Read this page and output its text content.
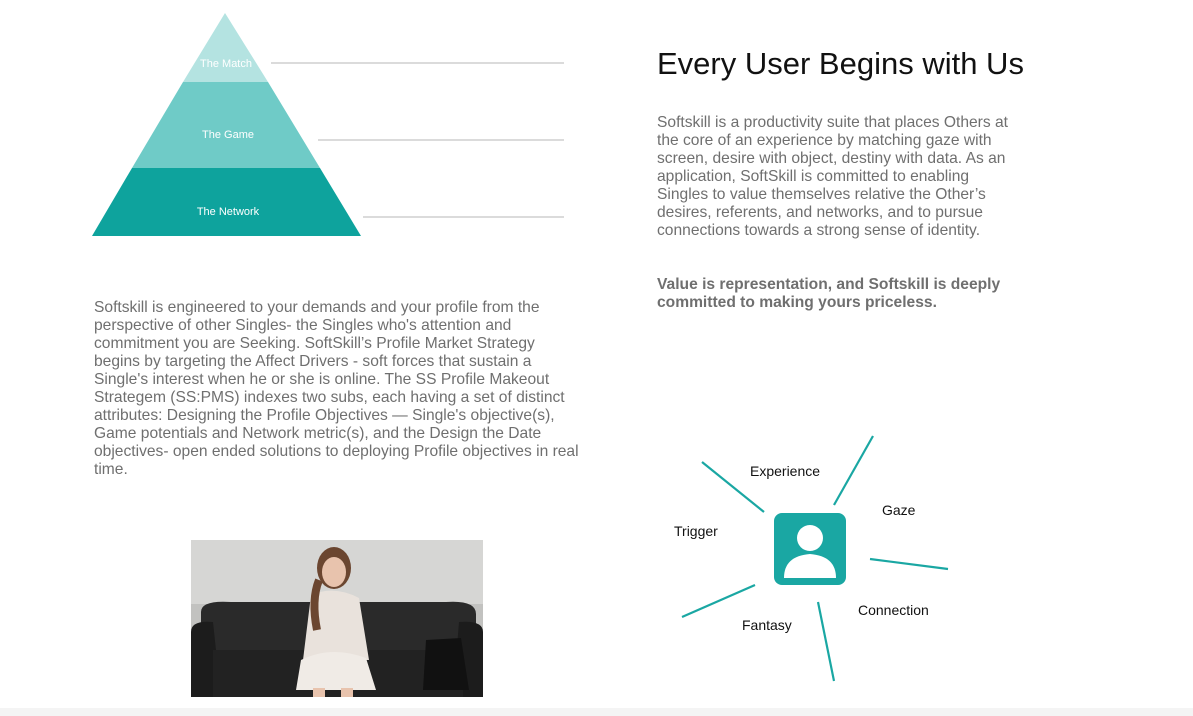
The Match
The Game
The Network
Every User Begins with Us

Softskill is a productivity suite that places Others at the core of an experience by matching gaze with screen, desire with object, destiny with data. As an application, SoftSkill is committed to enabling Singles to value themselves relative the Other’s desires, referents, and networks, and to pursue connections towards a strong sense of identity.

Value is representation, and Softskill is deeply committed to making yours priceless.

Softskill is engineered to your demands and your profile from the perspective of other Singles- the Singles who's attention and commitment you are Seeking. SoftSkill’s Profile Market Strategy begins by targeting the Affect Drivers - soft forces that sustain a Single's interest when he or she is online. The SS Profile Makeout Strategem (SS:PMS) indexes two subs, each having a set of distinct attributes: Designing the Profile Objectives — Single's objective(s), Game potentials and Network metric(s), and the Design the Date objectives- open ended solutions to deploying Profile objectives in real time.	Experience
Gaze
Trigger
Connection
Fantasy
